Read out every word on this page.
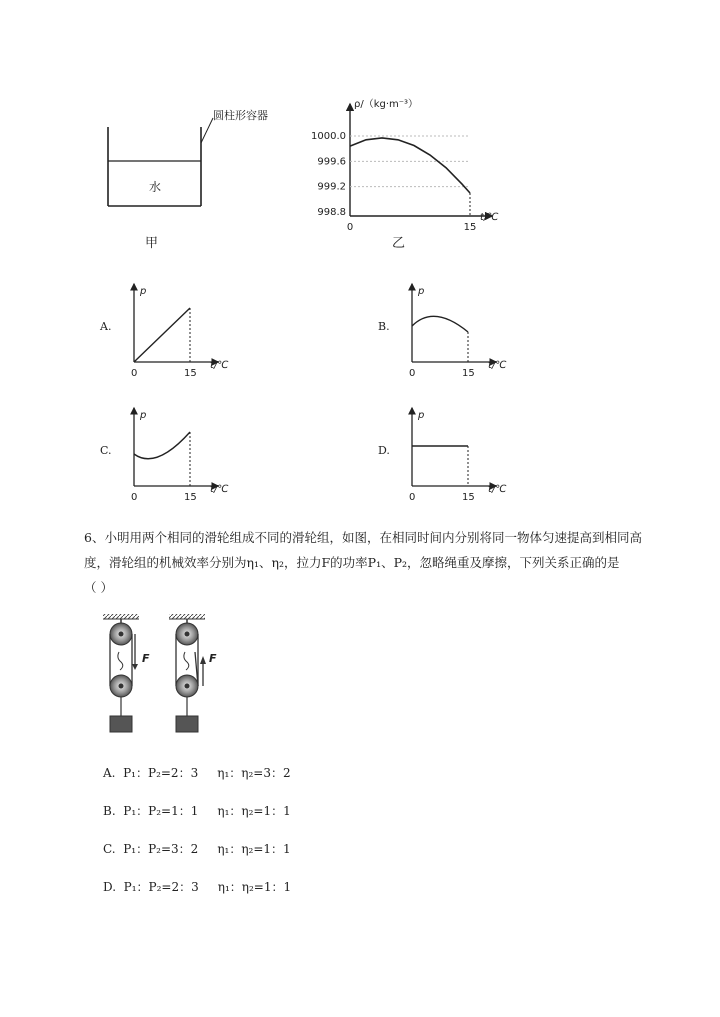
圆柱形容器
水
甲
1000.0
999.6
999.2
998.8
0	15
ρ/（kg·m⁻³）
t/℃
乙
A.
p
t/℃
0	15
B.
p
t/℃
0	15
C.
p
t/℃
0	15
D.
p
t/℃
0	15
6、小明用两个相同的滑轮组成不同的滑轮组，如图，在相同时间内分别将同一物体匀速提高到相同高
度，滑轮组的机械效率分别为η₁、η₂，拉力F的功率P₁、P₂，忽略绳重及摩擦，下列关系正确的是
（ ）
F	F
A.  P₁：P₂=2：3     η₁：η₂=3：2
B.  P₁：P₂=1：1     η₁：η₂=1：1
C.  P₁：P₂=3：2     η₁：η₂=1：1
D.  P₁：P₂=2：3     η₁：η₂=1：1
